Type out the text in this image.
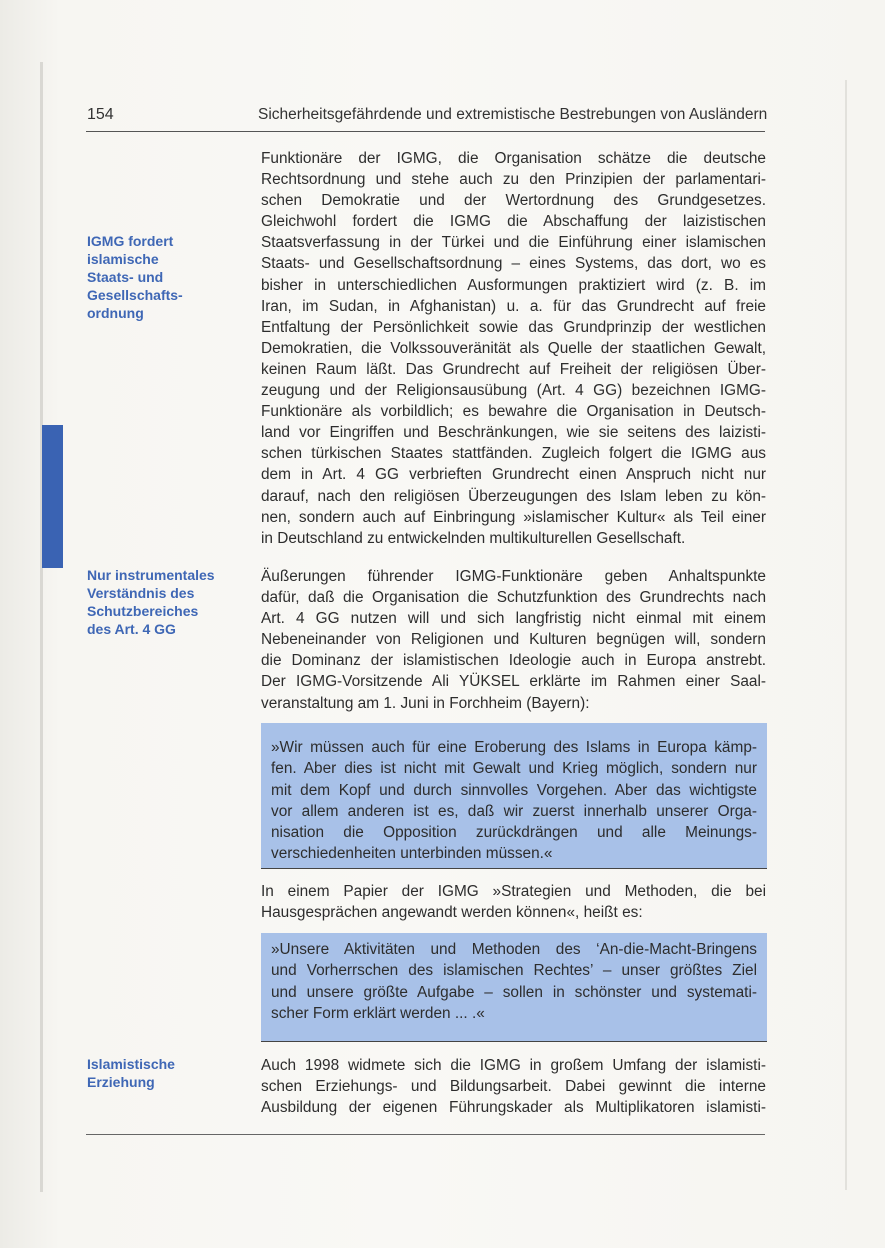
154	Sicherheitsgefährdende und extremistische Bestrebungen von Ausländern
IGMG fordert
islamische
Staats- und
Gesellschafts-
ordnung
Funktionäre der IGMG, die Organisation schätze die deutsche
Rechtsordnung und stehe auch zu den Prinzipien der parlamentari-
schen Demokratie und der Wertordnung des Grundgesetzes.
Gleichwohl fordert die IGMG die Abschaffung der laizistischen
Staatsverfassung in der Türkei und die Einführung einer islamischen
Staats- und Gesellschaftsordnung – eines Systems, das dort, wo es
bisher in unterschiedlichen Ausformungen praktiziert wird (z. B. im
Iran, im Sudan, in Afghanistan) u. a. für das Grundrecht auf freie
Entfaltung der Persönlichkeit sowie das Grundprinzip der westlichen
Demokratien, die Volkssouveränität als Quelle der staatlichen Gewalt,
keinen Raum läßt. Das Grundrecht auf Freiheit der religiösen Über-
zeugung und der Religionsausübung (Art. 4 GG) bezeichnen IGMG-
Funktionäre als vorbildlich; es bewahre die Organisation in Deutsch-
land vor Eingriffen und Beschränkungen, wie sie seitens des laizisti-
schen türkischen Staates stattfänden. Zugleich folgert die IGMG aus
dem in Art. 4 GG verbrieften Grundrecht einen Anspruch nicht nur
darauf, nach den religiösen Überzeugungen des Islam leben zu kön-
nen, sondern auch auf Einbringung »islamischer Kultur« als Teil einer
in Deutschland zu entwickelnden multikulturellen Gesellschaft.
Nur instrumentales
Verständnis des
Schutzbereiches
des Art. 4 GG
Äußerungen führender IGMG-Funktionäre geben Anhaltspunkte
dafür, daß die Organisation die Schutzfunktion des Grundrechts nach
Art. 4 GG nutzen will und sich langfristig nicht einmal mit einem
Nebeneinander von Religionen und Kulturen begnügen will, sondern
die Dominanz der islamistischen Ideologie auch in Europa anstrebt.
Der IGMG-Vorsitzende Ali YÜKSEL erklärte im Rahmen einer Saal-
veranstaltung am 1. Juni in Forchheim (Bayern):
»Wir müssen auch für eine Eroberung des Islams in Europa kämp-
fen. Aber dies ist nicht mit Gewalt und Krieg möglich, sondern nur
mit dem Kopf und durch sinnvolles Vorgehen. Aber das wichtigste
vor allem anderen ist es, daß wir zuerst innerhalb unserer Orga-
nisation die Opposition zurückdrängen und alle Meinungs-
verschiedenheiten unterbinden müssen.«
In einem Papier der IGMG »Strategien und Methoden, die bei
Hausgesprächen angewandt werden können«, heißt es:
»Unsere Aktivitäten und Methoden des ‘An-die-Macht-Bringens
und Vorherrschen des islamischen Rechtes’ – unser größtes Ziel
und unsere größte Aufgabe – sollen in schönster und systemati-
scher Form erklärt werden ... .«
Islamistische
Erziehung
Auch 1998 widmete sich die IGMG in großem Umfang der islamisti-
schen Erziehungs- und Bildungsarbeit. Dabei gewinnt die interne
Ausbildung der eigenen Führungskader als Multiplikatoren islamisti-
